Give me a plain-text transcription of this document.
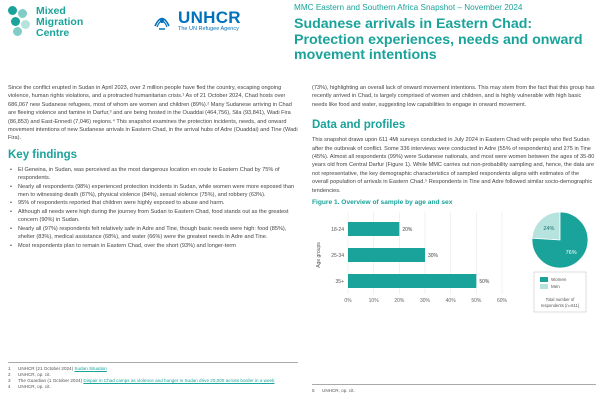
Mixed
Migration
Centre
UNHCR
The UN Refugee Agency
MMC Eastern and Southern Africa Snapshot – November 2024
Sudanese arrivals in Eastern Chad: Protection experiences, needs and onward movement intentions

Since the conflict erupted in Sudan in April 2023, over 2 million people have fled the country, escaping ongoing violence, human rights violations, and a protracted humanitarian crisis.¹ As of 21 October 2024, Chad hosts over 686,067 new Sudanese refugees, most of whom are women and children (89%).² Many Sudanese arriving in Chad are fleeing violence and famine in Darfur,³ and are being hosted in the Ouaddai (464,756), Sila (93,841), Wadi Fira (86,853) and East-Ennedi (7,046) regions.⁴ This snapshot examines the protection incidents, needs, and onward movement intentions of new Sudanese arrivals in Eastern Chad, in the arrival hubs of Adre (Ouaddai) and Tine (Wadi Fira).

Key findings
• El Geneina, in Sudan, was perceived as the most dangerous location en route to Eastern Chad by 75% of respondents.
• Nearly all respondents (98%) experienced protection incidents in Sudan, while women were more exposed than men to witnessing death (87%), physical violence (84%), sexual violence (75%), and robbery (63%).
• 95% of respondents reported that children were highly exposed to abuse and harm.
• Although all needs were high during the journey from Sudan to Eastern Chad, food stands out as the greatest concern (90%) in Sudan.
• Nearly all (97%) respondents felt relatively safe in Adre and Tine, though basic needs were high: food (85%), shelter (83%), medical assistance (68%), and water (66%) were the greatest needs in Adre and Tine.
• Most respondents plan to remain in Eastern Chad, over the short (93%) and longer-term
1	UNHCR (21 October 2024) Sudan Situation
2	UNHCR, op. cit.
3	The Guardian (1 October 2024) Dispair in Chad camps as violence and hunger in Sudan drive 20,000 across border in a week
4	UNHCR, op. cit.

(73%), highlighting an overall lack of onward movement intentions. This may stem from the fact that this group has recently arrived in Chad, is largely comprised of women and children, and is highly vulnerable with high basic needs like food and water, suggesting low capabilities to engage in onward movement.

Data and profiles

This snapshot draws upon 611 4Mi surveys conducted in July 2024 in Eastern Chad with people who fled Sudan after the outbreak of conflict. Some 336 interviews were conducted in Adre (55% of respondents) and 275 in Tine (45%). Almost all respondents (99%) were Sudanese nationals, and most were women between the ages of 35-80 years old from Central Darfur (Figure 1). While MMC carries out non-probability sampling and, hence, the data are not representative, the key demographic characteristics of sampled respondents aligns with estimates of the overall population of arrivals in Eastern Chad.⁵ Respondents in Tine and Adre followed similar socio-demographic tendencies.

Figure 1. Overview of sample by age and sex
0%	10%	20%	30%	40%	50%	60%
18-24	20%
25-34	30%
35+	50%
Age groups
24%
76%
Women
Men
Total number of
respondents (n=611)
5	UNHCR, op. cit.
